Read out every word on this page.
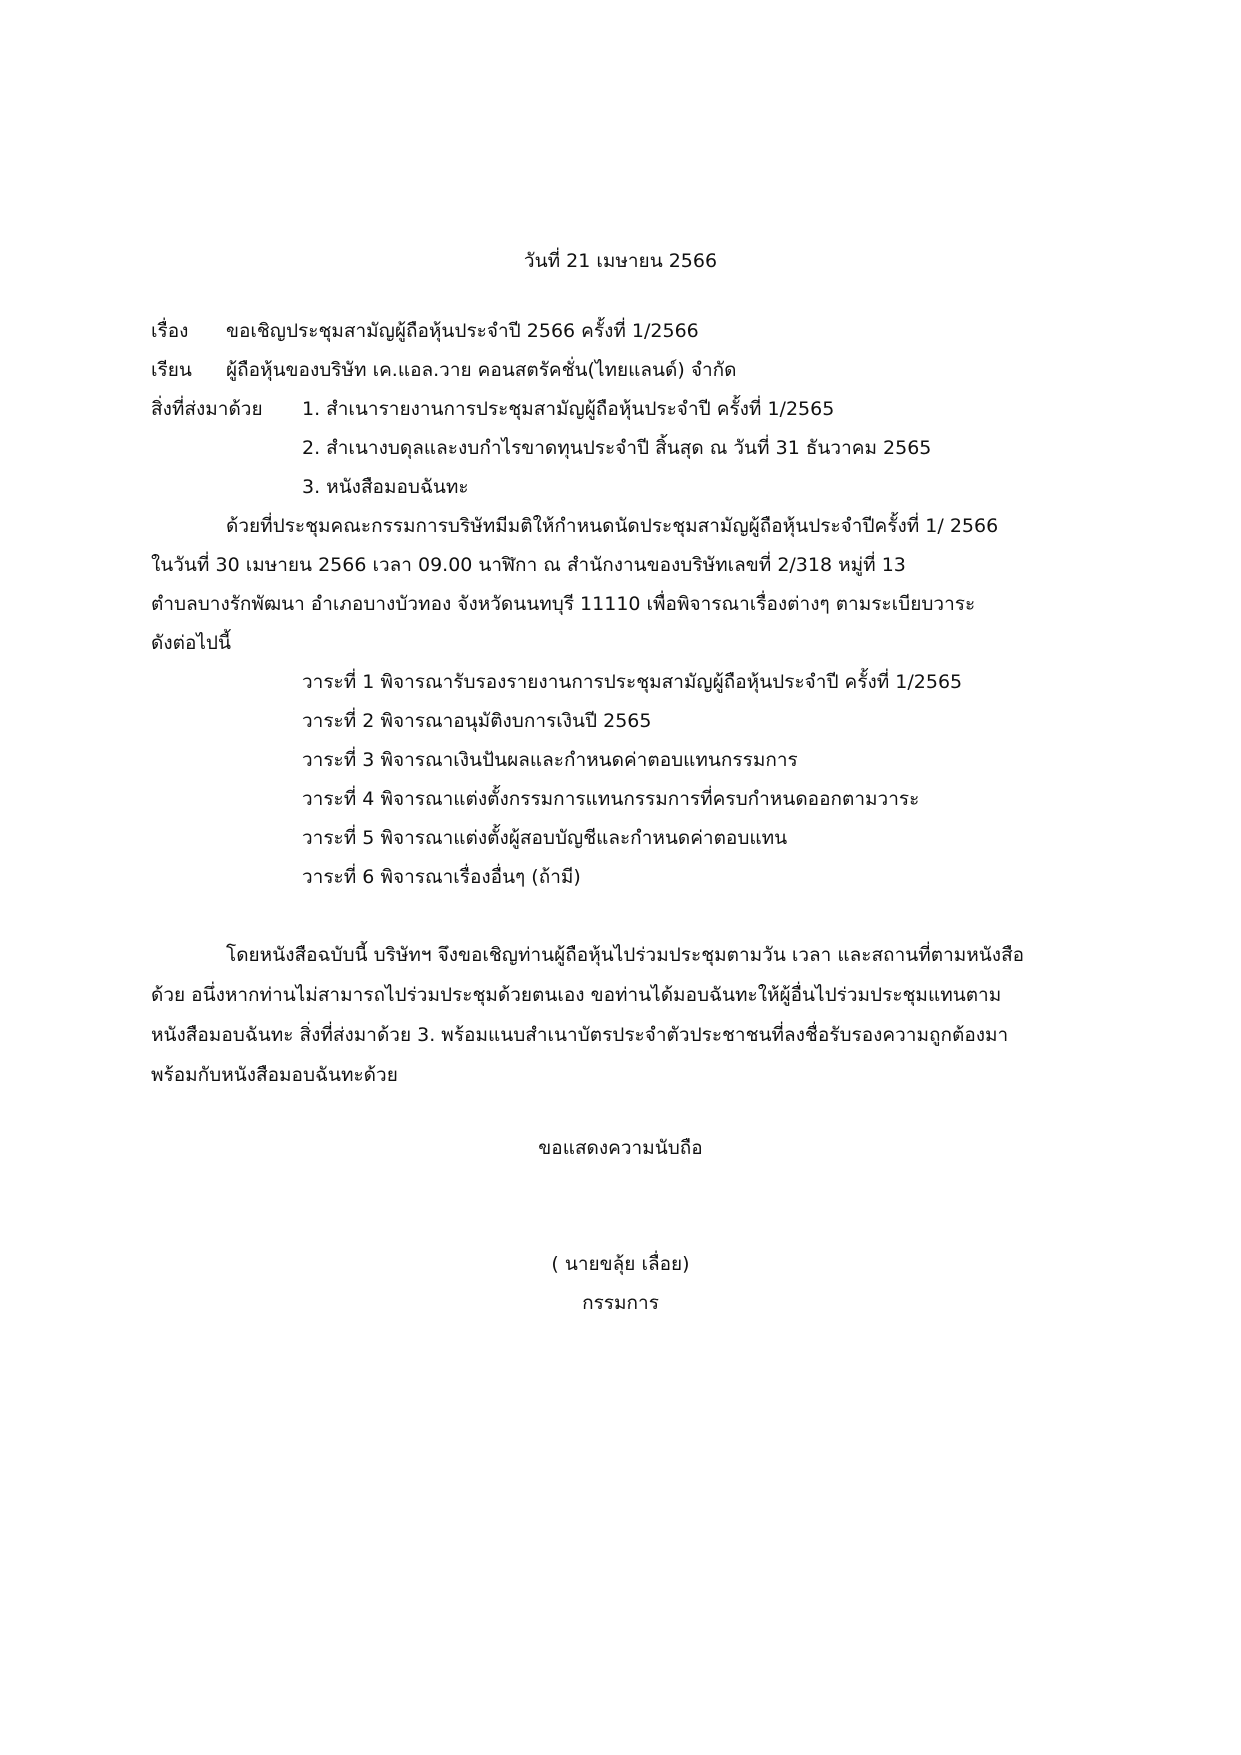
วันที่ 21 เมษายน 2566
เรื่อง ขอเชิญประชุมสามัญผู้ถือหุ้นประจำปี 2566 ครั้งที่ 1/2566
เรียน ผู้ถือหุ้นของบริษัท เค.แอล.วาย คอนสตรัคชั่น(ไทยแลนด์) จำกัด
สิ่งที่ส่งมาด้วย 1. สำเนารายงานการประชุมสามัญผู้ถือหุ้นประจำปี ครั้งที่ 1/2565
2. สำเนางบดุลและงบกำไรขาดทุนประจำปี สิ้นสุด ณ วันที่ 31 ธันวาคม 2565
3. หนังสือมอบฉันทะ
ด้วยที่ประชุมคณะกรรมการบริษัทมีมติให้กำหนดนัดประชุมสามัญผู้ถือหุ้นประจำปีครั้งที่ 1/ 2566
ในวันที่ 30 เมษายน 2566 เวลา 09.00 นาฬิกา ณ สำนักงานของบริษัทเลขที่ 2/318 หมู่ที่ 13
ตำบลบางรักพัฒนา อำเภอบางบัวทอง จังหวัดนนทบุรี 11110 เพื่อพิจารณาเรื่องต่างๆ ตามระเบียบวาระ
ดังต่อไปนี้
วาระที่ 1 พิจารณารับรองรายงานการประชุมสามัญผู้ถือหุ้นประจำปี ครั้งที่ 1/2565
วาระที่ 2 พิจารณาอนุมัติงบการเงินปี 2565
วาระที่ 3 พิจารณาเงินปันผลและกำหนดค่าตอบแทนกรรมการ
วาระที่ 4 พิจารณาแต่งตั้งกรรมการแทนกรรมการที่ครบกำหนดออกตามวาระ
วาระที่ 5 พิจารณาแต่งตั้งผู้สอบบัญชีและกำหนดค่าตอบแทน
วาระที่ 6 พิจารณาเรื่องอื่นๆ (ถ้ามี)
โดยหนังสือฉบับนี้ บริษัทฯ จึงขอเชิญท่านผู้ถือหุ้นไปร่วมประชุมตามวัน เวลา และสถานที่ตามหนังสือ
ด้วย อนึ่งหากท่านไม่สามารถไปร่วมประชุมด้วยตนเอง ขอท่านได้มอบฉันทะให้ผู้อื่นไปร่วมประชุมแทนตาม
หนังสือมอบฉันทะ สิ่งที่ส่งมาด้วย 3. พร้อมแนบสำเนาบัตรประจำตัวประชาชนที่ลงชื่อรับรองความถูกต้องมา
พร้อมกับหนังสือมอบฉันทะด้วย
ขอแสดงความนับถือ
( นายขลุ้ย เลื่อย)
กรรมการ
